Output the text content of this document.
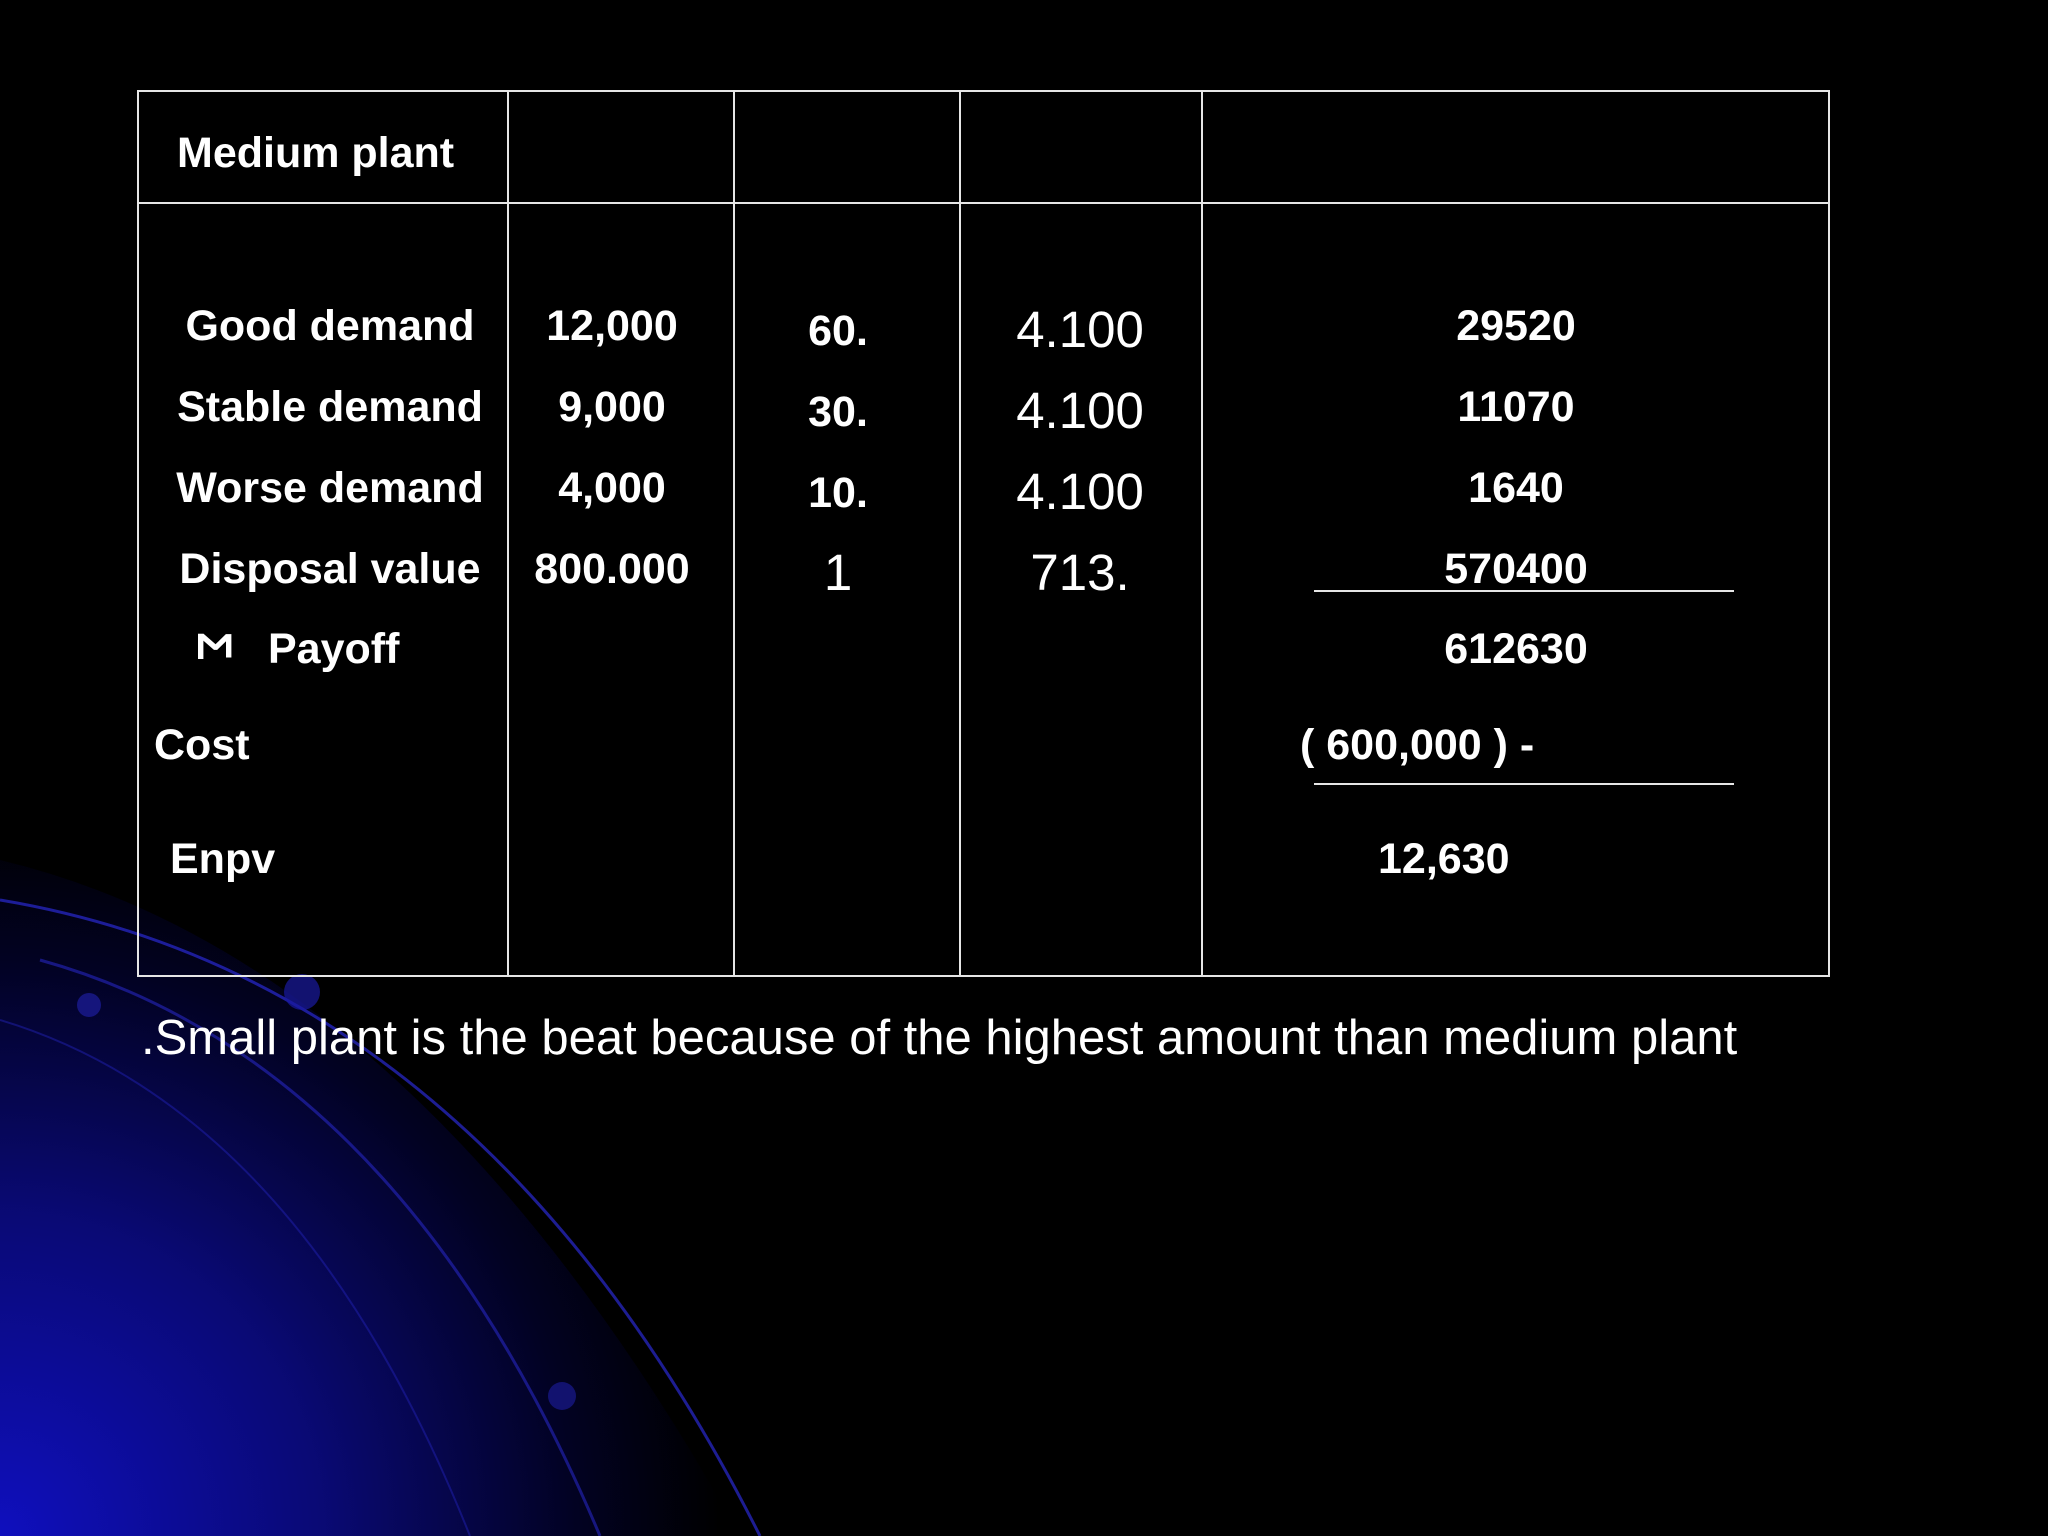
Medium plant
Good demand 12,000	60.	4.100	29520
Stable demand 9,000	30.	4.100	11070
Worse demand 4,000	10.	4.100	1640
Disposal value 800.000	1	713.	570400
Σ Payoff	612630
Cost	( 600,000 ) -
Enpv	12,630
.Small plant is the beat because of the highest amount than medium plant
